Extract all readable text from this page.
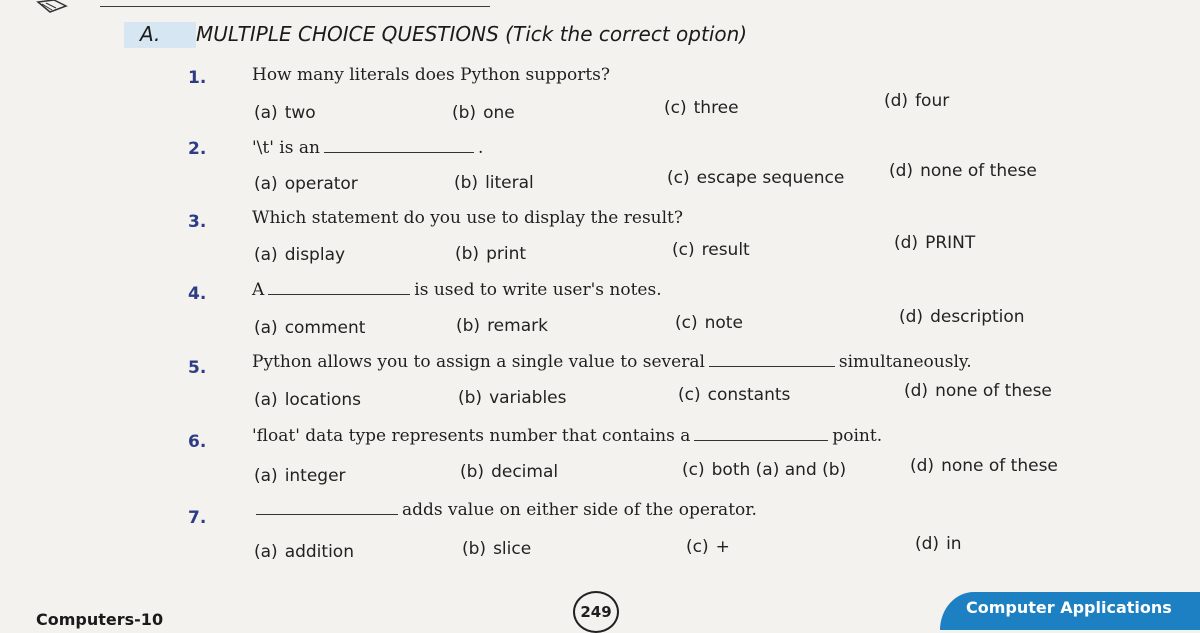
A. MULTIPLE CHOICE QUESTIONS (Tick the correct option)
1.	How many literals does Python supports?
(a) two	(b) one	(c) three	(d) four
2.	'\t' is an	.
(a) operator	(b) literal	(c) escape sequence	(d) none of these
3.	Which statement do you use to display the result?
(a) display	(b) print	(c) result	(d) PRINT
4.	A	is used to write user's notes.
(a) comment	(b) remark	(c) note	(d) description
5.	Python allows you to assign a single value to several	simultaneously.
(a) locations	(b) variables	(c) constants	(d) none of these
6.	'float' data type represents number that contains a	point.
(a) integer	(b) decimal	(c) both (a) and (b)	(d) none of these
7.	adds value on either side of the operator.
(a) addition	(b) slice	(c) +	(d) in
Computers-10	249	Computer Applications
